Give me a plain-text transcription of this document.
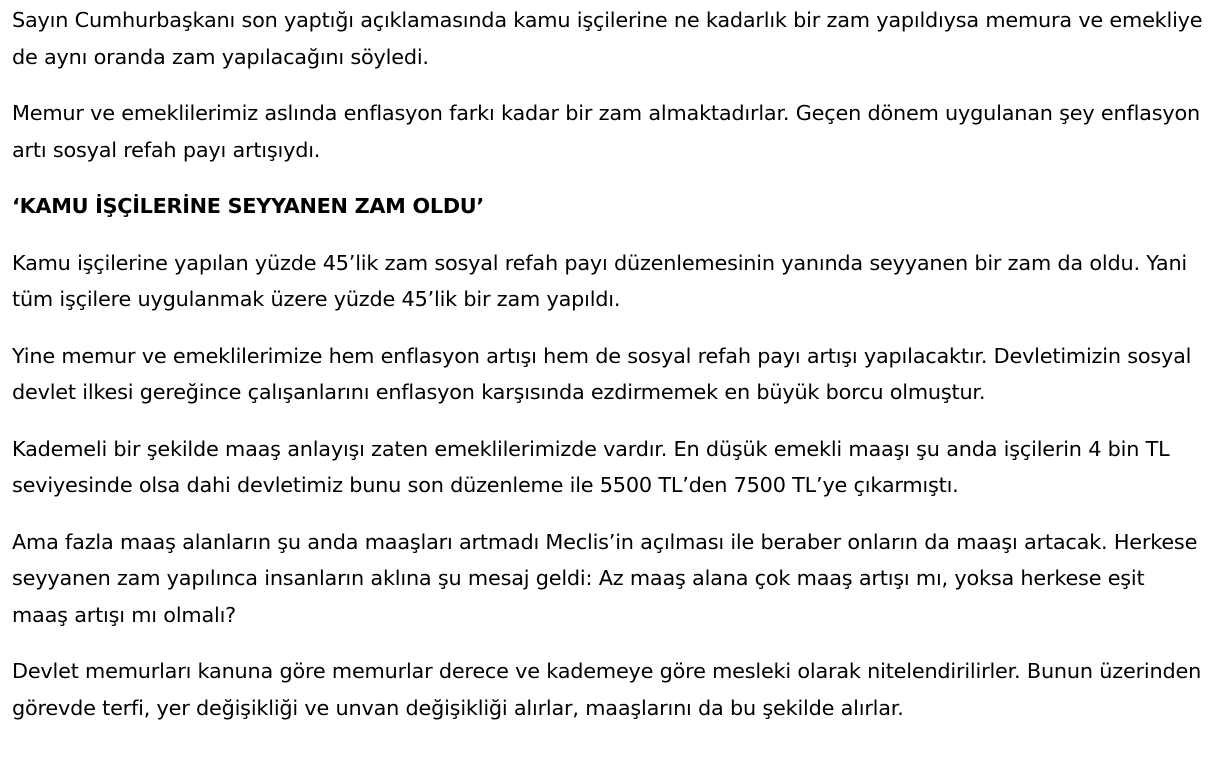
Sayın Cumhurbaşkanı son yaptığı açıklamasında kamu işçilerine ne kadarlık bir zam yapıldıysa memura ve emekliye de aynı oranda zam yapılacağını söyledi.

Memur ve emeklilerimiz aslında enflasyon farkı kadar bir zam almaktadırlar. Geçen dönem uygulanan şey enflasyon artı sosyal refah payı artışıydı.

‘KAMU İŞÇİLERİNE SEYYANEN ZAM OLDU’

Kamu işçilerine yapılan yüzde 45’lik zam sosyal refah payı düzenlemesinin yanında seyyanen bir zam da oldu. Yani tüm işçilere uygulanmak üzere yüzde 45’lik bir zam yapıldı.

Yine memur ve emeklilerimize hem enflasyon artışı hem de sosyal refah payı artışı yapılacaktır. Devletimizin sosyal devlet ilkesi gereğince çalışanlarını enflasyon karşısında ezdirmemek en büyük borcu olmuştur.

Kademeli bir şekilde maaş anlayışı zaten emeklilerimizde vardır. En düşük emekli maaşı şu anda işçilerin 4 bin TL seviyesinde olsa dahi devletimiz bunu son düzenleme ile 5500 TL’den 7500 TL’ye çıkarmıştı.

Ama fazla maaş alanların şu anda maaşları artmadı Meclis’in açılması ile beraber onların da maaşı artacak. Herkese seyyanen zam yapılınca insanların aklına şu mesaj geldi: Az maaş alana çok maaş artışı mı, yoksa herkese eşit maaş artışı mı olmalı?

Devlet memurları kanuna göre memurlar derece ve kademeye göre mesleki olarak nitelendirilirler. Bunun üzerinden görevde terfi, yer değişikliği ve unvan değişikliği alırlar, maaşlarını da bu şekilde alırlar.
